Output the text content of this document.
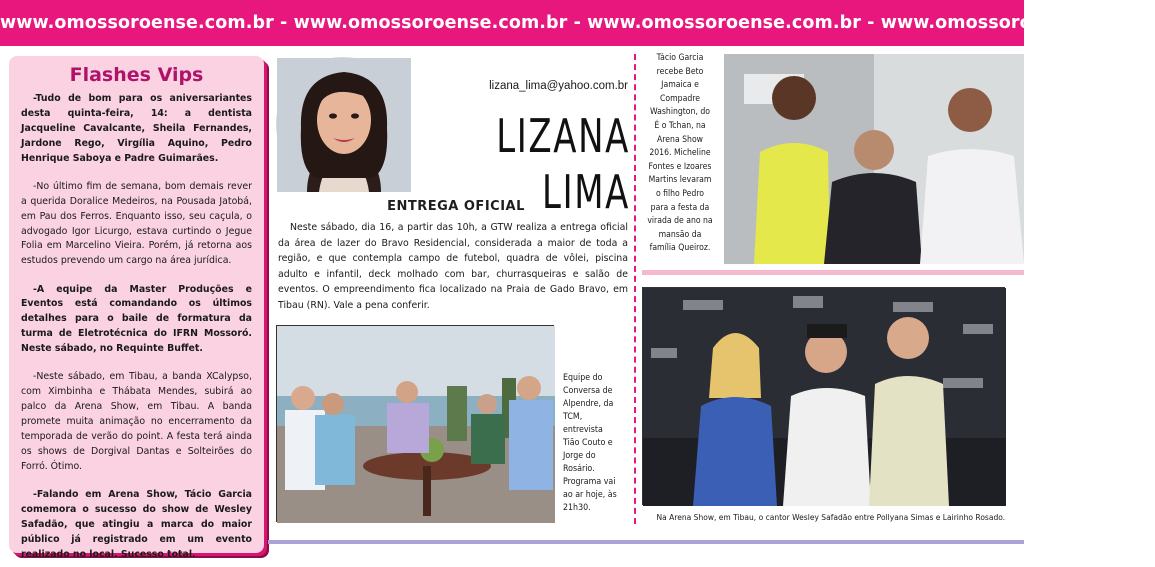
www.omossoroense.com.br - www.omossoroense.com.br - www.omossoroense.com.br - www.omossoroense.com.br
Flashes Vips

-Tudo de bom para os aniversariantes desta quinta-feira, 14: a dentista Jacqueline Cavalcante, Sheila Fernandes, Jardone Rego, Virgília Aquino, Pedro Henrique Saboya e Padre Guimarães.

-No último fim de semana, bom demais rever a querida Doralice Medeiros, na Pousada Jatobá, em Pau dos Ferros. Enquanto isso, seu caçula, o advogado Igor Licurgo, estava curtindo o Jegue Folia em Marcelino Vieira. Porém, já retorna aos estudos prevendo um cargo na área jurídica.

-A equipe da Master Produções e Eventos está comandando os últimos detalhes para o baile de formatura da turma de Eletrotécnica do IFRN Mossoró. Neste sábado, no Requinte Buffet.

-Neste sábado, em Tibau, a banda XCalypso, com Ximbinha e Thábata Mendes, subirá ao palco da Arena Show, em Tibau. A banda promete muita animação no encerramento da temporada de verão do point. A festa terá ainda os shows de Dorgival Dantas e Solteirões do Forró. Ótimo.

-Falando em Arena Show, Tácio Garcia comemora o sucesso do show de Wesley Safadão, que atingiu a marca do maior público já registrado em um evento realizado no local. Sucesso total.

lizana_lima@yahoo.com.br
LIZANA LIMA
ENTREGA OFICIAL
Neste sábado, dia 16, a partir das 10h, a GTW realiza a entrega oficial da área de lazer do Bravo Residencial, considerada a maior de toda a região, e que contempla campo de futebol, quadra de vôlei, piscina adulto e infantil, deck molhado com bar, churrasqueiras e salão de eventos. O empreendimento fica localizado na Praia de Gado Bravo, em Tibau (RN). Vale a pena conferir.
Equipe do Conversa de Alpendre, da TCM, entrevista Tião Couto e Jorge do Rosário. Programa vai ao ar hoje, às 21h30.
Tácio Garcia recebe Beto Jamaica e Compadre Washington, do É o Tchan, na Arena Show 2016. Micheline Fontes e Izoares Martins levaram o filho Pedro para a festa da virada de ano na mansão da família Queiroz.
Na Arena Show, em Tibau, o cantor Wesley Safadão entre Pollyana Simas e Lairinho Rosado.
